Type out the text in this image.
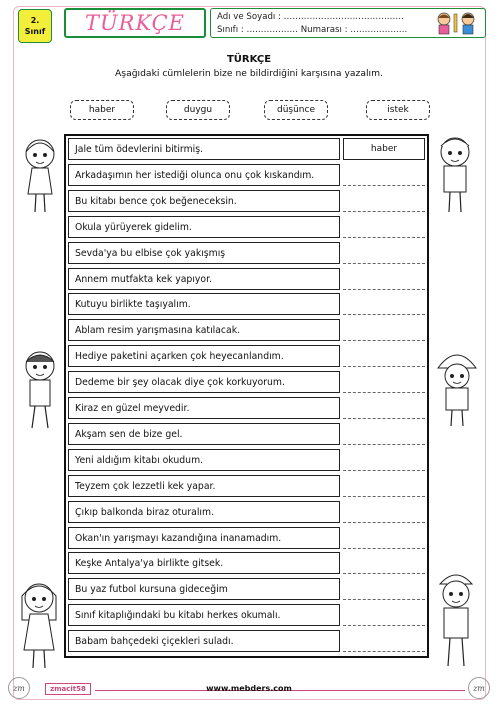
2.
Sınıf TÜRKÇE	Adı ve Soyadı : ……………………………………
Sınıfı : ……………… Numarası : ……………..…
TÜRKÇE
Aşağıdaki cümlelerin bize ne bildirdiğini karşısına yazalım.
haber	duygu	düşünce	istek
Jale tüm ödevlerini bitirmiş.	haber
Arkadaşımın her istediği olunca onu çok kıskandım.
Bu kitabı bence çok beğeneceksin.
Okula yürüyerek gidelim.
Sevda'ya bu elbise çok yakışmış
Annem mutfakta kek yapıyor.
Kutuyu birlikte taşıyalım.
Ablam resim yarışmasına katılacak.
Hediye paketini açarken çok heyecanlandım.
Dedeme bir şey olacak diye çok korkuyorum.
Kiraz en güzel meyvedir.
Akşam sen de bize gel.
Yeni aldığım kitabı okudum.
Teyzem çok lezzetli kek yapar.
Çıkıp balkonda biraz oturalım.
Okan'ın yarışmayı kazandığına inanamadım.
Keşke Antalya'ya birlikte gitsek.
Bu yaz futbol kursuna gideceğim
Sınıf kitaplığındaki bu kitabı herkes okumalı.
Babam bahçedeki çiçekleri suladı.
zm	zmacit58	www.mebders.com	zm
